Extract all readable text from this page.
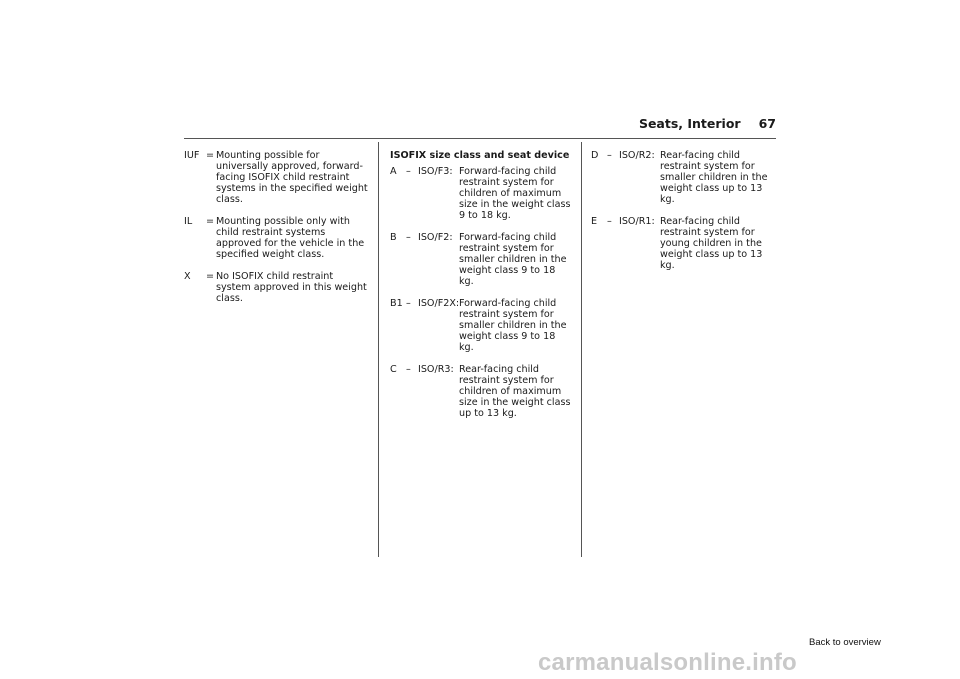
Seats, Interior 67
IUF = Mounting possible for universally approved, forward-facing ISOFIX child restraint systems in the specified weight class.
IL	= Mounting possible only with child restraint systems approved for the vehicle in the specified weight class.
X	= No ISOFIX child restraint system approved in this weight class.
ISOFIX size class and seat device
A – ISO/F3: Forward-facing child restraint system for children of maximum size in the weight class 9 to 18 kg.
B – ISO/F2: Forward-facing child restraint system for smaller children in the weight class 9 to 18 kg.
B1 – ISO/F2X: Forward-facing child restraint system for smaller children in the weight class 9 to 18 kg.
C – ISO/R3: Rear-facing child restraint system for children of maximum size in the weight class up to 13 kg.
D – ISO/R2: Rear-facing child restraint system for smaller children in the weight class up to 13 kg.
E	– ISO/R1: Rear-facing child restraint system for young children in the weight class up to 13 kg.
Back to overview
carmanualsonline.info
